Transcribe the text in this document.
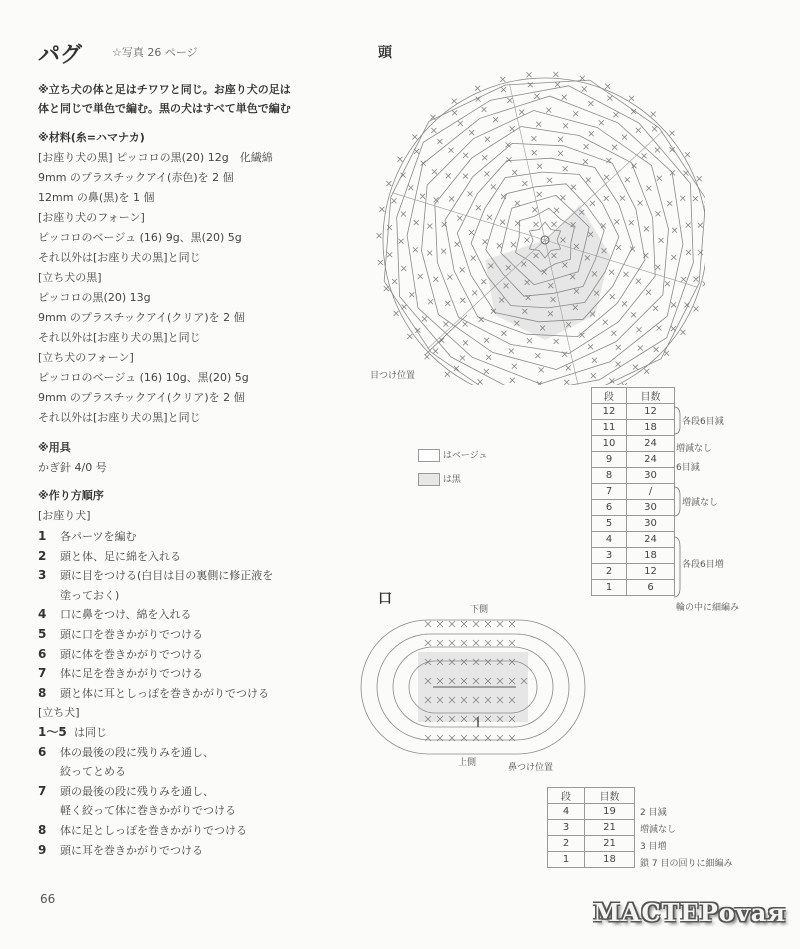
パグ	☆写真 26 ページ
※立ち犬の体と足はチワワと同じ。お座り犬の足は
体と同じで単色で編む。黒の犬はすべて単色で編む
※材料(糸=ハマナカ)
[お座り犬の黒] ピッコロの黒(20) 12g　化繊綿
9mm のプラスチックアイ(赤色)を 2 個
12mm の鼻(黒)を 1 個
[お座り犬のフォーン]
ピッコロのベージュ (16) 9g、黒(20) 5g
それ以外は[お座り犬の黒]と同じ
[立ち犬の黒]
ピッコロの黒(20) 13g
9mm のプラスチックアイ(クリア)を 2 個
それ以外は[お座り犬の黒]と同じ
[立ち犬のフォーン]
ピッコロのベージュ (16) 10g、黒(20) 5g
9mm のプラスチックアイ(クリア)を 2 個
それ以外は[お座り犬の黒]と同じ
※用具
かぎ針 4/0 号
※作り方順序
[お座り犬]
1	各パーツを編む
2	頭と体、足に綿を入れる
3	頭に目をつける(白目は目の裏側に修正液を
塗っておく)
4	口に鼻をつけ、綿を入れる
5	頭に口を巻きかがりでつける
6	頭に体を巻きかがりでつける
7	体に足を巻きかがりでつける
8	頭と体に耳としっぽを巻きかがりでつける
[立ち犬]
1～5 は同じ
6	体の最後の段に残りみを通し、
絞ってとめる
7	頭の最後の段に残りみを通し、
軽く絞って体に巻きかがりでつける
8	体に足としっぽを巻きかがりでつける
9	頭に耳を巻きかがりでつける
66
頭
目つけ位置
はベージュ
は黒
段	目数
12	12
11	18
10	24
9	24
8	30
7	/
6	30
5	30
4	24
3	18
2	12
1	6
各段6目減
増減なし
6目減
増減なし
各段6目増
輪の中に細編み
口
下側
上側	鼻つけ位置
段	目数
4	19
3	21
2	21
1	18
2 目減
増減なし
3 目増
鎖 7 目の回りに細編み
МАСТЕРоvaя
